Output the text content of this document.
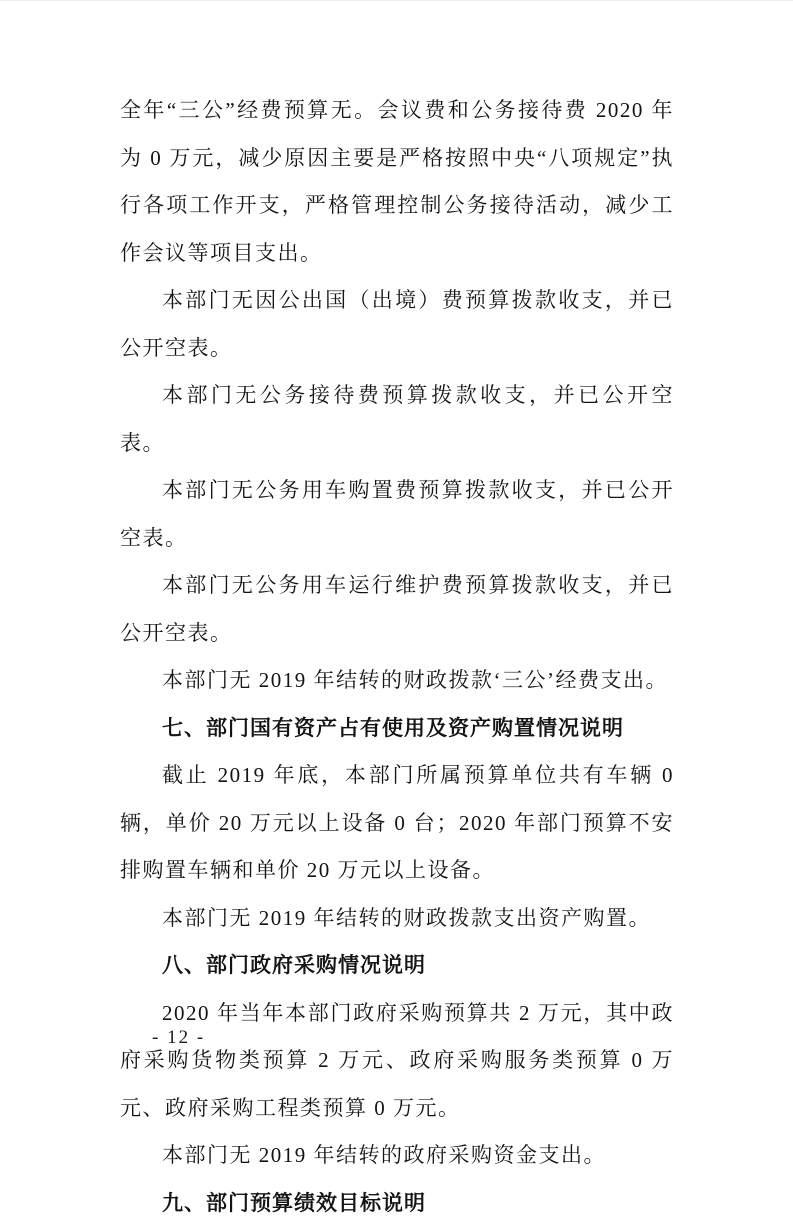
全年“三公”经费预算无。会议费和公务接待费 2020 年为 0 万元，减少原因主要是严格按照中央“八项规定”执行各项工作开支，严格管理控制公务接待活动，减少工作会议等项目支出。

本部门无因公出国（出境）费预算拨款收支，并已公开空表。

本部门无公务接待费预算拨款收支，并已公开空表。

本部门无公务用车购置费预算拨款收支，并已公开空表。

本部门无公务用车运行维护费预算拨款收支，并已公开空表。

本部门无 2019 年结转的财政拨款‘三公’经费支出。

七、部门国有资产占有使用及资产购置情况说明

截止 2019 年底，本部门所属预算单位共有车辆 0 辆，单价 20 万元以上设备 0 台；2020 年部门预算不安排购置车辆和单价 20 万元以上设备。

本部门无 2019 年结转的财政拨款支出资产购置。

八、部门政府采购情况说明

2020 年当年本部门政府采购预算共 2 万元，其中政府采购货物类预算 2 万元、政府采购服务类预算 0 万元、政府采购工程类预算 0 万元。

本部门无 2019 年结转的政府采购资金支出。

九、部门预算绩效目标说明
- 12 -
